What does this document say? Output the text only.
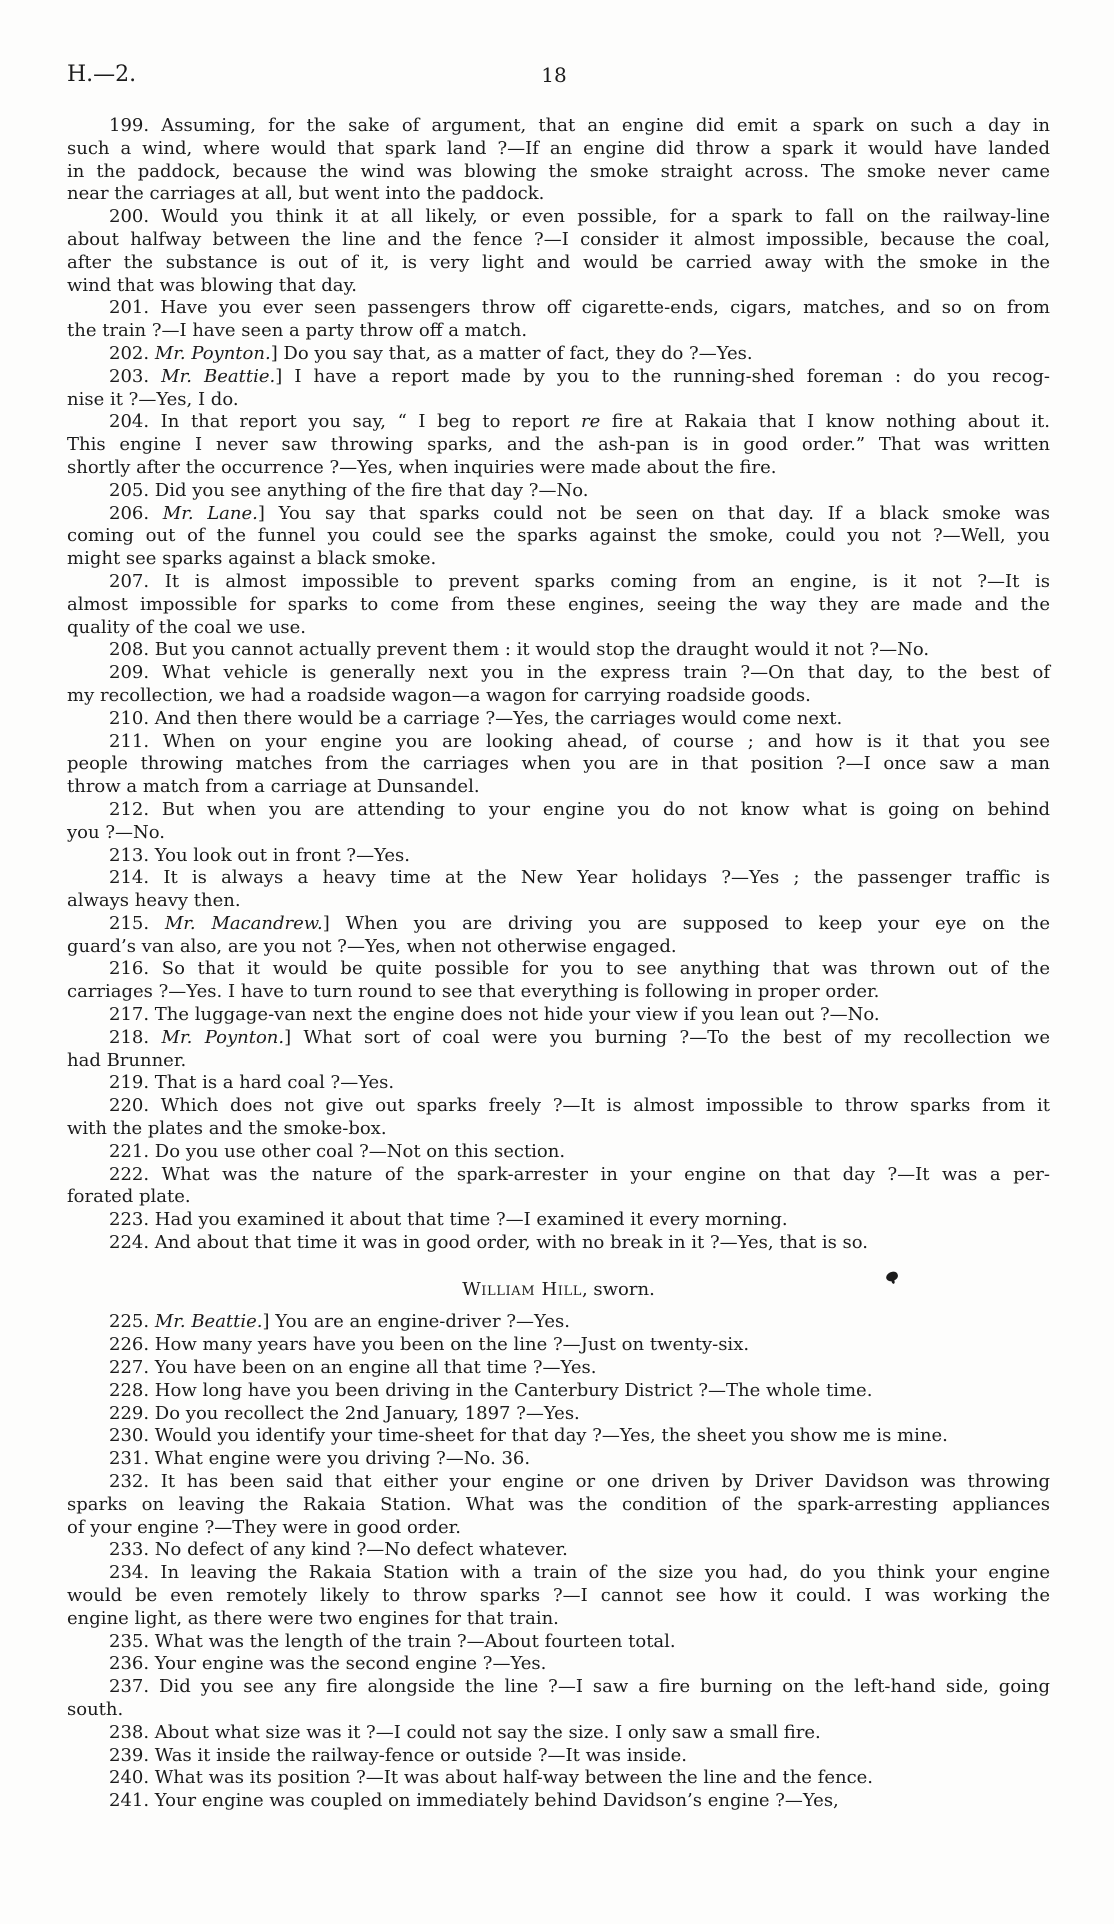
H.—2.	18
199. Assuming, for the sake of argument, that an engine did emit a spark on such a day in
such a wind, where would that spark land ?—If an engine did throw a spark it would have landed
in the paddock, because the wind was blowing the smoke straight across. The smoke never came
near the carriages at all, but went into the paddock.
200. Would you think it at all likely, or even possible, for a spark to fall on the railway-line
about halfway between the line and the fence ?—I consider it almost impossible, because the coal,
after the substance is out of it, is very light and would be carried away with the smoke in the
wind that was blowing that day.
201. Have you ever seen passengers throw off cigarette-ends, cigars, matches, and so on from
the train ?—I have seen a party throw off a match.
202. Mr. Poynton.] Do you say that, as a matter of fact, they do ?—Yes.
203. Mr. Beattie.] I have a report made by you to the running-shed foreman : do you recog-
nise it ?—Yes, I do.
204. In that report you say, “ I beg to report re fire at Rakaia that I know nothing about it.
This engine I never saw throwing sparks, and the ash-pan is in good order.” That was written
shortly after the occurrence ?—Yes, when inquiries were made about the fire.
205. Did you see anything of the fire that day ?—No.
206. Mr. Lane.] You say that sparks could not be seen on that day. If a black smoke was
coming out of the funnel you could see the sparks against the smoke, could you not ?—Well, you
might see sparks against a black smoke.
207. It is almost impossible to prevent sparks coming from an engine, is it not ?—It is
almost impossible for sparks to come from these engines, seeing the way they are made and the
quality of the coal we use.
208. But you cannot actually prevent them : it would stop the draught would it not ?—No.
209. What vehicle is generally next you in the express train ?—On that day, to the best of
my recollection, we had a roadside wagon—a wagon for carrying roadside goods.
210. And then there would be a carriage ?—Yes, the carriages would come next.
211. When on your engine you are looking ahead, of course ; and how is it that you see
people throwing matches from the carriages when you are in that position ?—I once saw a man
throw a match from a carriage at Dunsandel.
212. But when you are attending to your engine you do not know what is going on behind
you ?—No.
213. You look out in front ?—Yes.
214. It is always a heavy time at the New Year holidays ?—Yes ; the passenger traffic is
always heavy then.
215. Mr. Macandrew.] When you are driving you are supposed to keep your eye on the
guard’s van also, are you not ?—Yes, when not otherwise engaged.
216. So that it would be quite possible for you to see anything that was thrown out of the
carriages ?—Yes. I have to turn round to see that everything is following in proper order.
217. The luggage-van next the engine does not hide your view if you lean out ?—No.
218. Mr. Poynton.] What sort of coal were you burning ?—To the best of my recollection we
had Brunner.
219. That is a hard coal ?—Yes.
220. Which does not give out sparks freely ?—It is almost impossible to throw sparks from it
with the plates and the smoke-box.
221. Do you use other coal ?—Not on this section.
222. What was the nature of the spark-arrester in your engine on that day ?—It was a per-
forated plate.
223. Had you examined it about that time ?—I examined it every morning.
224. And about that time it was in good order, with no break in it ?—Yes, that is so.
William Hill, sworn.
225. Mr. Beattie.] You are an engine-driver ?—Yes.
226. How many years have you been on the line ?—Just on twenty-six.
227. You have been on an engine all that time ?—Yes.
228. How long have you been driving in the Canterbury District ?—The whole time.
229. Do you recollect the 2nd January, 1897 ?—Yes.
230. Would you identify your time-sheet for that day ?—Yes, the sheet you show me is mine.
231. What engine were you driving ?—No. 36.
232. It has been said that either your engine or one driven by Driver Davidson was throwing
sparks on leaving the Rakaia Station. What was the condition of the spark-arresting appliances
of your engine ?—They were in good order.
233. No defect of any kind ?—No defect whatever.
234. In leaving the Rakaia Station with a train of the size you had, do you think your engine
would be even remotely likely to throw sparks ?—I cannot see how it could. I was working the
engine light, as there were two engines for that train.
235. What was the length of the train ?—About fourteen total.
236. Your engine was the second engine ?—Yes.
237. Did you see any fire alongside the line ?—I saw a fire burning on the left-hand side, going
south.
238. About what size was it ?—I could not say the size. I only saw a small fire.
239. Was it inside the railway-fence or outside ?—It was inside.
240. What was its position ?—It was about half-way between the line and the fence.
241. Your engine was coupled on immediately behind Davidson’s engine ?—Yes,
